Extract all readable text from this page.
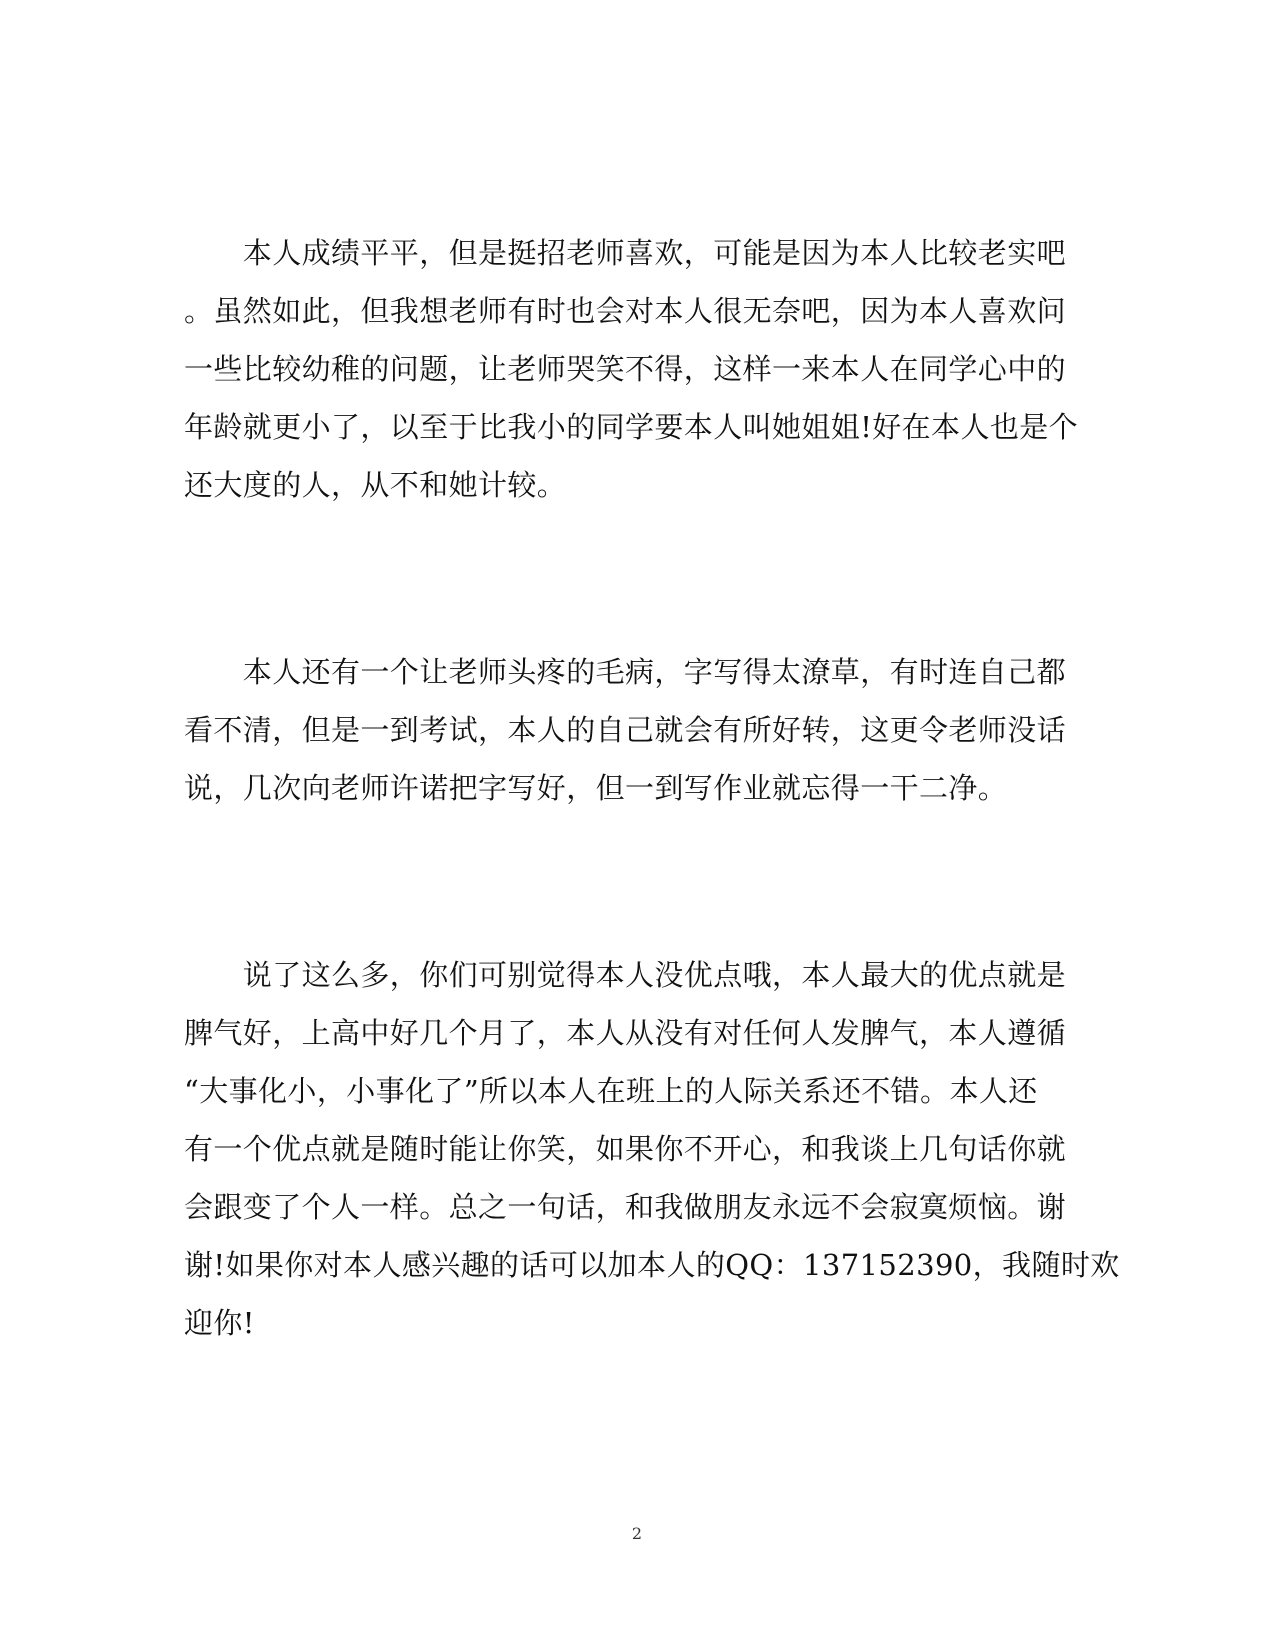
　　本人成绩平平，但是挺招老师喜欢，可能是因为本人比较老实吧
。虽然如此，但我想老师有时也会对本人很无奈吧，因为本人喜欢问
一些比较幼稚的问题，让老师哭笑不得，这样一来本人在同学心中的
年龄就更小了，以至于比我小的同学要本人叫她姐姐!好在本人也是个
还大度的人，从不和她计较。
　　本人还有一个让老师头疼的毛病，字写得太潦草，有时连自己都
看不清，但是一到考试，本人的自己就会有所好转，这更令老师没话
说，几次向老师许诺把字写好，但一到写作业就忘得一干二净。
　　说了这么多，你们可别觉得本人没优点哦，本人最大的优点就是
脾气好，上高中好几个月了，本人从没有对任何人发脾气，本人遵循
“大事化小，小事化了”所以本人在班上的人际关系还不错。本人还
有一个优点就是随时能让你笑，如果你不开心，和我谈上几句话你就
会跟变了个人一样。总之一句话，和我做朋友永远不会寂寞烦恼。谢
谢!如果你对本人感兴趣的话可以加本人的QQ：137152390，我随时欢
迎你!
2
